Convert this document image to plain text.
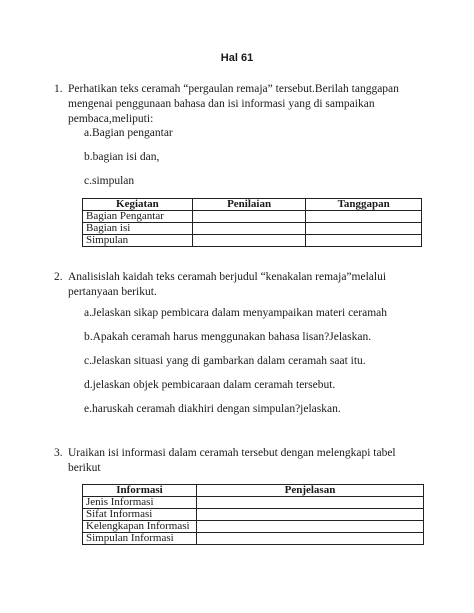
Hal 61
1. Perhatikan teks ceramah “pergaulan remaja” tersebut.Berilah tanggapan mengenai penggunaan bahasa dan isi informasi yang di sampaikan pembaca,meliputi:
a.Bagian pengantar
b.bagian isi dan,
c.simpulan
Kegiatan	Penilaian	Tanggapan
Bagian Pengantar		
Bagian isi		
Simpulan		
2. Analisislah kaidah teks ceramah berjudul “kenakalan remaja”melalui pertanyaan berikut.
a.Jelaskan sikap pembicara dalam menyampaikan materi ceramah
b.Apakah ceramah harus menggunakan bahasa lisan?Jelaskan.
c.Jelaskan situasi yang di gambarkan dalam ceramah saat itu.
d.jelaskan objek pembicaraan dalam ceramah tersebut.
e.haruskah ceramah diakhiri dengan simpulan?jelaskan.
3. Uraikan isi informasi dalam ceramah tersebut dengan melengkapi tabel berikut
Informasi	Penjelasan
Jenis Informasi	
Sifat Informasi	
Kelengkapan Informasi	
Simpulan Informasi	
